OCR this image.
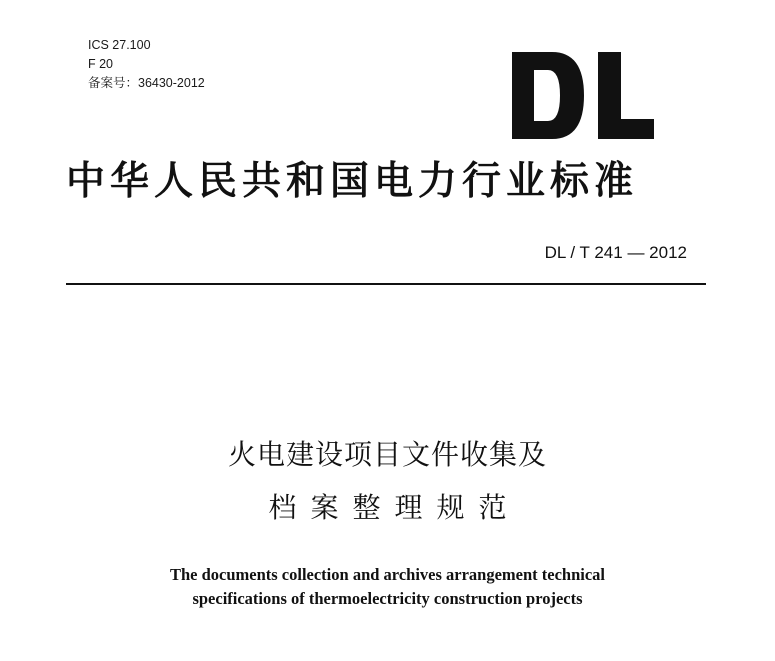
ICS 27.100
F 20
备案号：36430-2012
中华人民共和国电力行业标准
DL / T 241 — 2012
火电建设项目文件收集及
档案整理规范
The documents collection and archives arrangement technical
specifications of thermoelectricity construction projects
